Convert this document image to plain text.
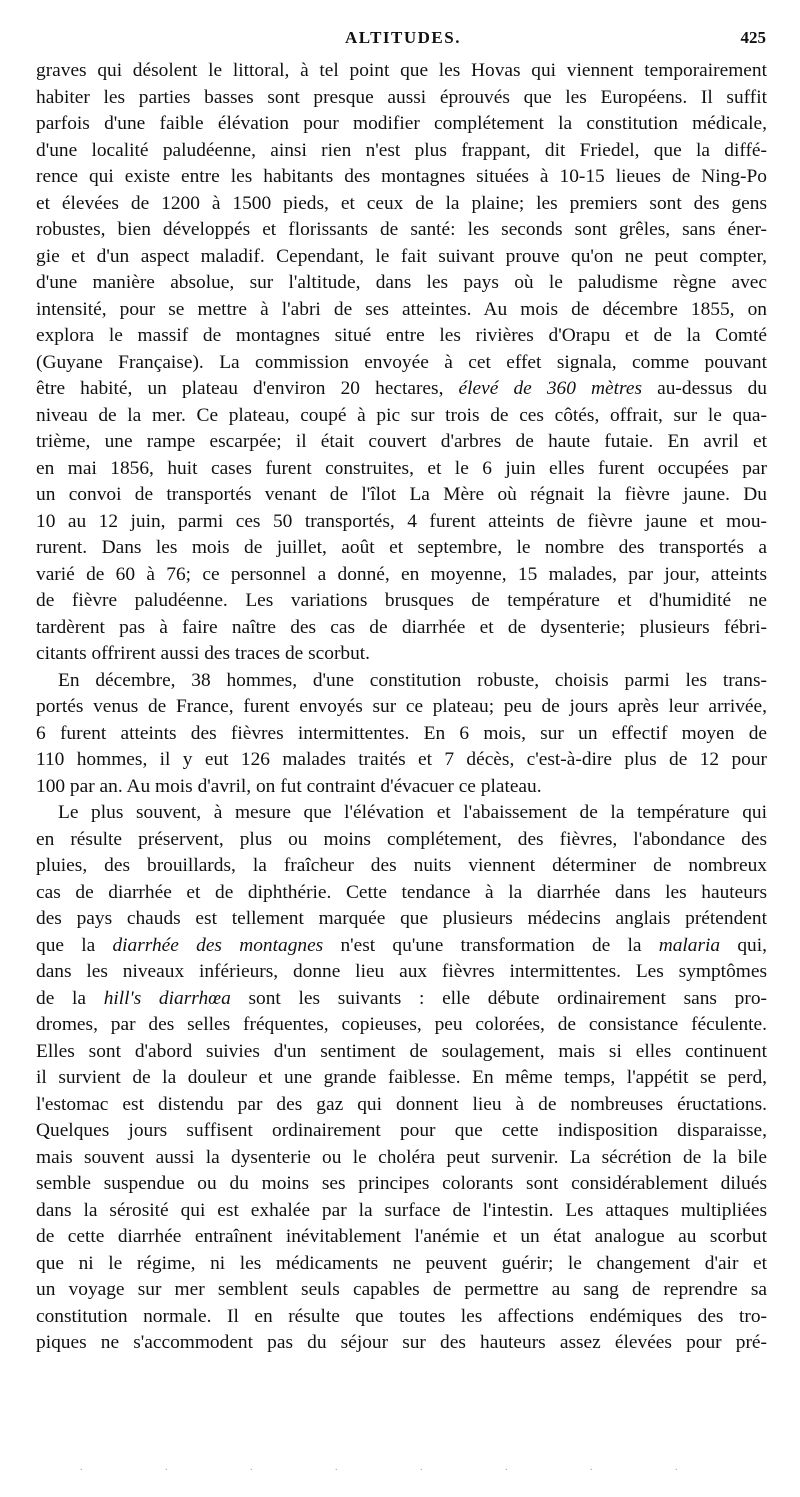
ALTITUDES.	425
graves qui désolent le littoral, à tel point que les Hovas qui viennent temporairement
habiter les parties basses sont presque aussi éprouvés que les Européens. Il suffit
parfois d'une faible élévation pour modifier complétement la constitution médicale,
d'une localité paludéenne, ainsi rien n'est plus frappant, dit Friedel, que la diffé-
rence qui existe entre les habitants des montagnes situées à 10-15 lieues de Ning-Po
et élevées de 1200 à 1500 pieds, et ceux de la plaine; les premiers sont des gens
robustes, bien développés et florissants de santé: les seconds sont grêles, sans éner-
gie et d'un aspect maladif. Cependant, le fait suivant prouve qu'on ne peut compter,
d'une manière absolue, sur l'altitude, dans les pays où le paludisme règne avec
intensité, pour se mettre à l'abri de ses atteintes. Au mois de décembre 1855, on
explora le massif de montagnes situé entre les rivières d'Orapu et de la Comté
(Guyane Française). La commission envoyée à cet effet signala, comme pouvant
être habité, un plateau d'environ 20 hectares, élevé de 360 mètres au-dessus du
niveau de la mer. Ce plateau, coupé à pic sur trois de ces côtés, offrait, sur le qua-
trième, une rampe escarpée; il était couvert d'arbres de haute futaie. En avril et
en mai 1856, huit cases furent construites, et le 6 juin elles furent occupées par
un convoi de transportés venant de l'îlot La Mère où régnait la fièvre jaune. Du
10 au 12 juin, parmi ces 50 transportés, 4 furent atteints de fièvre jaune et mou-
rurent. Dans les mois de juillet, août et septembre, le nombre des transportés a
varié de 60 à 76; ce personnel a donné, en moyenne, 15 malades, par jour, atteints
de fièvre paludéenne. Les variations brusques de température et d'humidité ne
tardèrent pas à faire naître des cas de diarrhée et de dysenterie; plusieurs fébri-
citants offrirent aussi des traces de scorbut.
En décembre, 38 hommes, d'une constitution robuste, choisis parmi les trans-
portés venus de France, furent envoyés sur ce plateau; peu de jours après leur arrivée,
6 furent atteints des fièvres intermittentes. En 6 mois, sur un effectif moyen de
110 hommes, il y eut 126 malades traités et 7 décès, c'est-à-dire plus de 12 pour
100 par an. Au mois d'avril, on fut contraint d'évacuer ce plateau.
Le plus souvent, à mesure que l'élévation et l'abaissement de la température qui
en résulte préservent, plus ou moins complétement, des fièvres, l'abondance des
pluies, des brouillards, la fraîcheur des nuits viennent déterminer de nombreux
cas de diarrhée et de diphthérie. Cette tendance à la diarrhée dans les hauteurs
des pays chauds est tellement marquée que plusieurs médecins anglais prétendent
que la diarrhée des montagnes n'est qu'une transformation de la malaria qui,
dans les niveaux inférieurs, donne lieu aux fièvres intermittentes. Les symptômes
de la hill's diarrhœa sont les suivants : elle débute ordinairement sans pro-
dromes, par des selles fréquentes, copieuses, peu colorées, de consistance féculente.
Elles sont d'abord suivies d'un sentiment de soulagement, mais si elles continuent
il survient de la douleur et une grande faiblesse. En même temps, l'appétit se perd,
l'estomac est distendu par des gaz qui donnent lieu à de nombreuses éructations.
Quelques jours suffisent ordinairement pour que cette indisposition disparaisse,
mais souvent aussi la dysenterie ou le choléra peut survenir. La sécrétion de la bile
semble suspendue ou du moins ses principes colorants sont considérablement dilués
dans la sérosité qui est exhalée par la surface de l'intestin. Les attaques multipliées
de cette diarrhée entraînent inévitablement l'anémie et un état analogue au scorbut
que ni le régime, ni les médicaments ne peuvent guérir; le changement d'air et
un voyage sur mer semblent seuls capables de permettre au sang de reprendre sa
constitution normale. Il en résulte que toutes les affections endémiques des tro-
piques ne s'accommodent pas du séjour sur des hauteurs assez élevées pour pré-
. . . . . . . .
